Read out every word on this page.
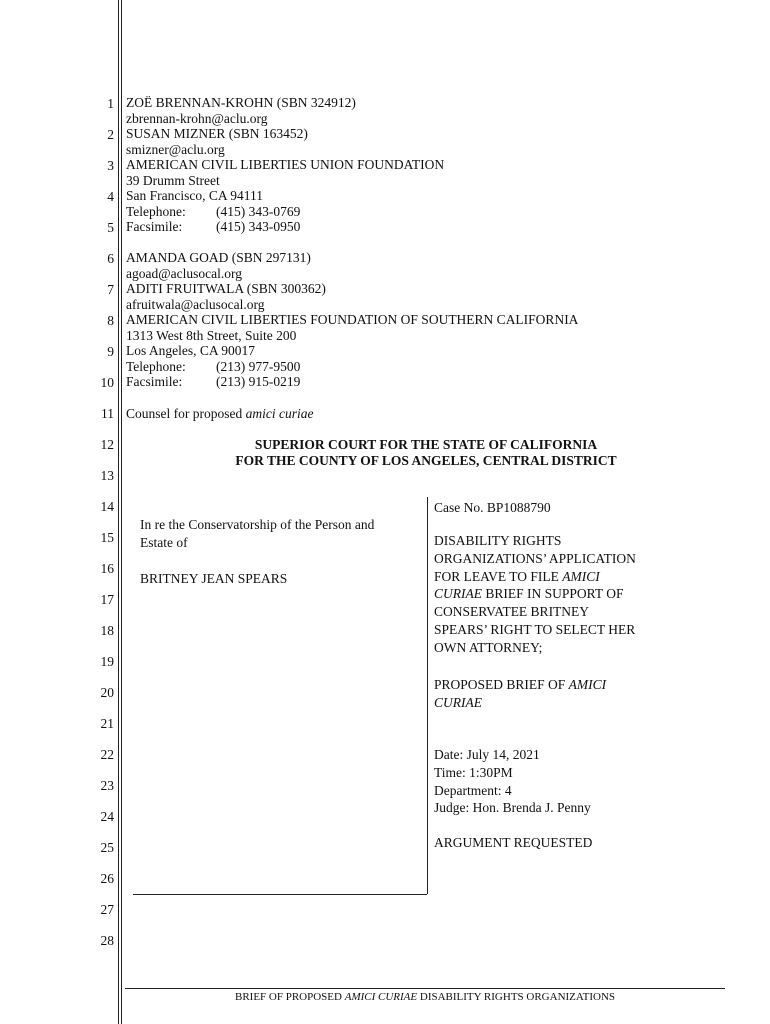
1
2
3
4
5
6
7
8
9
10
11
12
13
14
15
16
17
18
19
20
21
22
23
24
25
26
27
28
ZOË BRENNAN-KROHN (SBN 324912)
zbrennan-krohn@aclu.org
SUSAN MIZNER (SBN 163452)
smizner@aclu.org
AMERICAN CIVIL LIBERTIES UNION FOUNDATION
39 Drumm Street
San Francisco, CA 94111
Telephone: (415) 343-0769
Facsimile:	(415) 343-0950
AMANDA GOAD (SBN 297131)
agoad@aclusocal.org
ADITI FRUITWALA (SBN 300362)
afruitwala@aclusocal.org
AMERICAN CIVIL LIBERTIES FOUNDATION OF SOUTHERN CALIFORNIA
1313 West 8th Street, Suite 200
Los Angeles, CA 90017
Telephone: (213) 977-9500
Facsimile:	(213) 915-0219
Counsel for proposed amici curiae
SUPERIOR COURT FOR THE STATE OF CALIFORNIA
FOR THE COUNTY OF LOS ANGELES, CENTRAL DISTRICT
In re the Conservatorship of the Person and
Estate of
BRITNEY JEAN SPEARS
Case No. BP1088790
DISABILITY RIGHTS
ORGANIZATIONS’ APPLICATION
FOR LEAVE TO FILE AMICI
CURIAE BRIEF IN SUPPORT OF
CONSERVATEE BRITNEY
SPEARS’ RIGHT TO SELECT HER
OWN ATTORNEY;
PROPOSED BRIEF OF AMICI
CURIAE
Date: July 14, 2021
Time: 1:30PM
Department: 4
Judge: Hon. Brenda J. Penny
ARGUMENT REQUESTED
BRIEF OF PROPOSED AMICI CURIAE DISABILITY RIGHTS ORGANIZATIONS
